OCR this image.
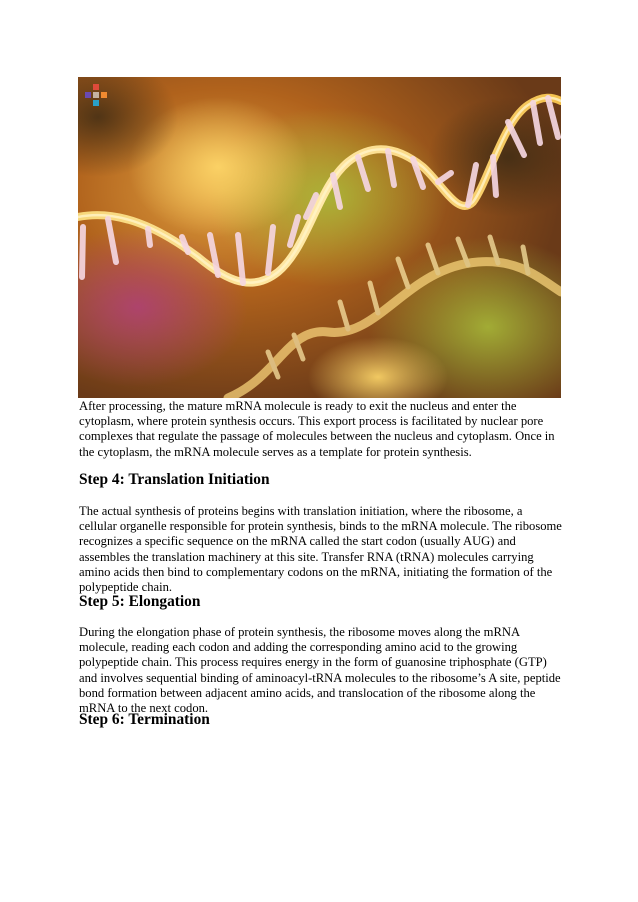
After processing, the mature mRNA molecule is ready to exit the nucleus and enter the cytoplasm, where protein synthesis occurs. This export process is facilitated by nuclear pore complexes that regulate the passage of molecules between the nucleus and cytoplasm. Once in the cytoplasm, the mRNA molecule serves as a template for protein synthesis.

Step 4: Translation Initiation

The actual synthesis of proteins begins with translation initiation, where the ribosome, a cellular organelle responsible for protein synthesis, binds to the mRNA molecule. The ribosome recognizes a specific sequence on the mRNA called the start codon (usually AUG) and assembles the translation machinery at this site. Transfer RNA (tRNA) molecules carrying amino acids then bind to complementary codons on the mRNA, initiating the formation of the polypeptide chain.

Step 5: Elongation

During the elongation phase of protein synthesis, the ribosome moves along the mRNA molecule, reading each codon and adding the corresponding amino acid to the growing polypeptide chain. This process requires energy in the form of guanosine triphosphate (GTP) and involves sequential binding of aminoacyl-tRNA molecules to the ribosome’s A site, peptide bond formation between adjacent amino acids, and translocation of the ribosome along the mRNA to the next codon.

Step 6: Termination
